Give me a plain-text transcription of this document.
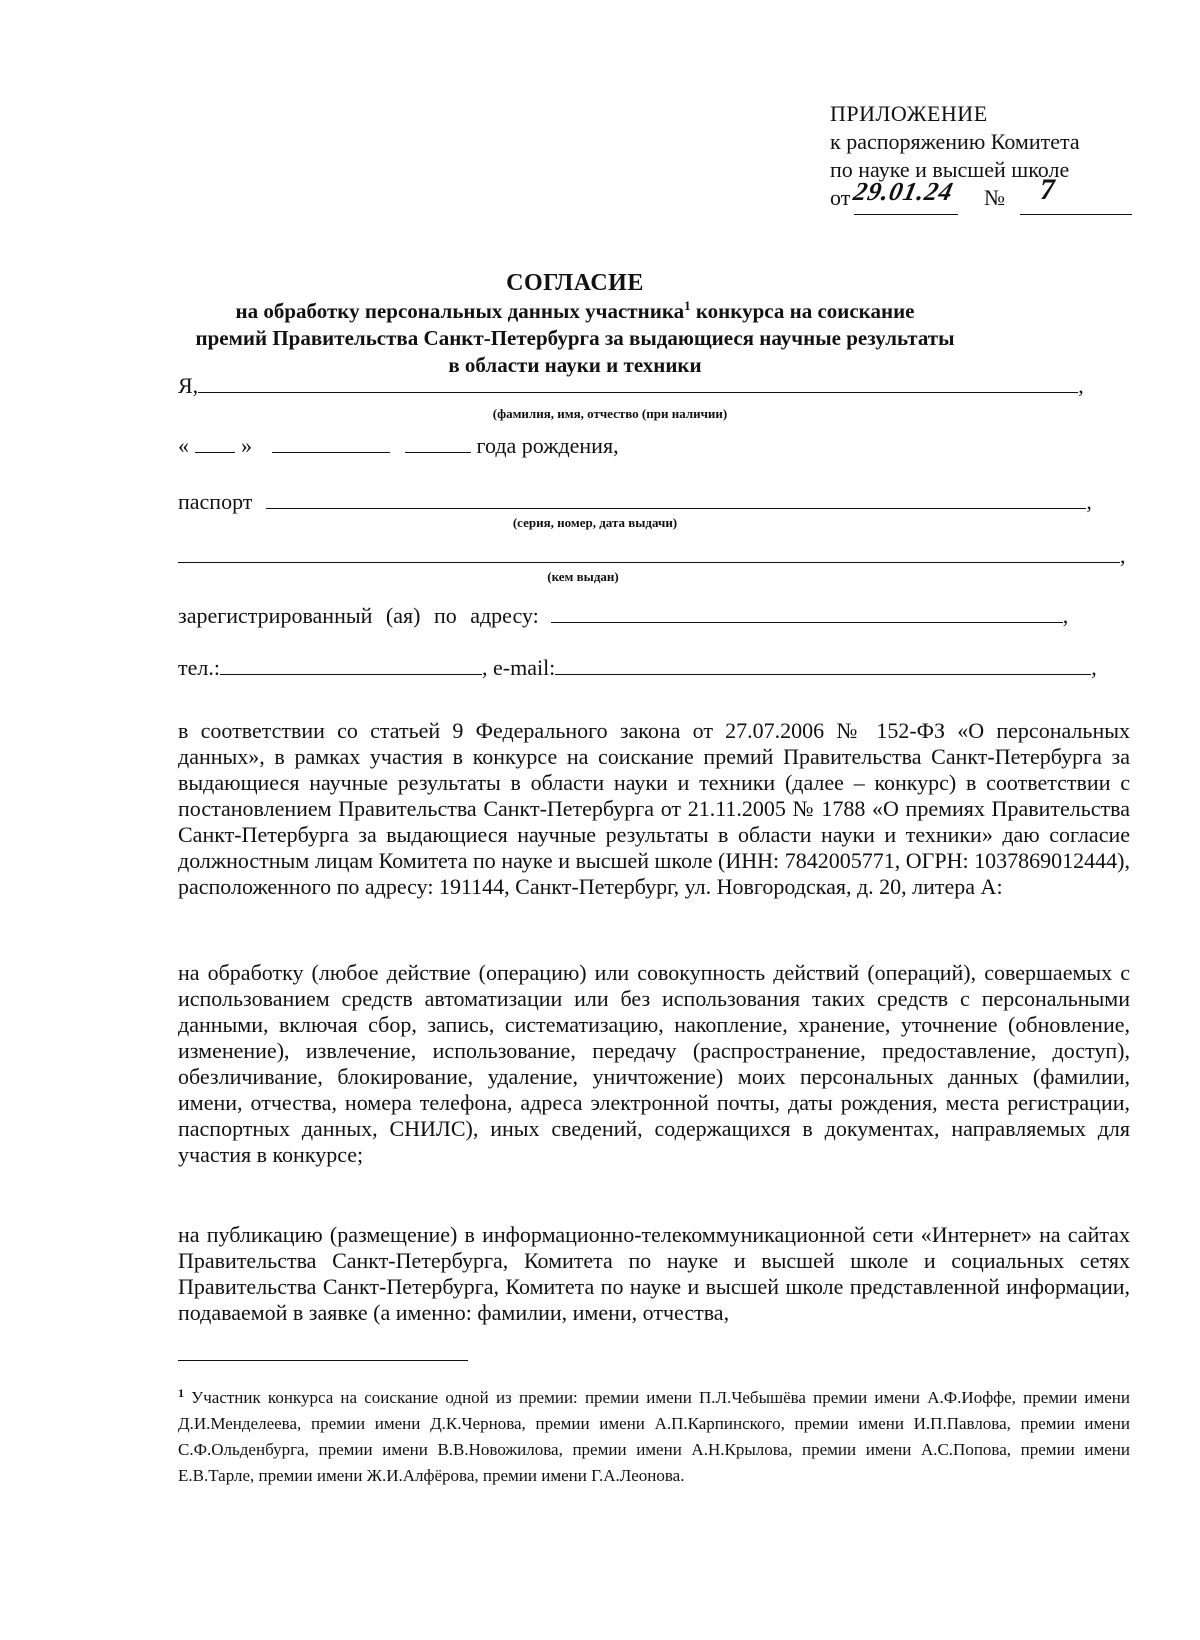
ПРИЛОЖЕНИЕ
к распоряжению Комитета
по науке и высшей школе
от 29.01.24 № 7
СОГЛАСИЕ
на обработку персональных данных участника$^1$ конкурса на соискание
премий Правительства Санкт-Петербурга за выдающиеся научные результаты
в области науки и техники
Я,	,
(фамилия, имя, отчество (при наличии)
« »	года рождения,
паспорт	,
(серия, номер, дата выдачи)
,
(кем выдан)
зарегистрированный (ая) по адресу:	,
тел.:	, e-mail:	,
в соответствии со статьей 9 Федерального закона от 27.07.2006 № 152-ФЗ «О персональных данных», в рамках участия в конкурсе на соискание премий Правительства Санкт-Петербурга за выдающиеся научные результаты в области науки и техники (далее – конкурс) в соответствии с постановлением Правительства Санкт-Петербурга от 21.11.2005 № 1788 «О премиях Правительства Санкт-Петербурга за выдающиеся научные результаты в области науки и техники» даю согласие должностным лицам Комитета по науке и высшей школе (ИНН: 7842005771, ОГРН: 1037869012444), расположенного по адресу: 191144, Санкт-Петербург, ул. Новгородская, д. 20, литера А:
на обработку (любое действие (операцию) или совокупность действий (операций), совершаемых с использованием средств автоматизации или без использования таких средств с персональными данными, включая сбор, запись, систематизацию, накопление, хранение, уточнение (обновление, изменение), извлечение, использование, передачу (распространение, предоставление, доступ), обезличивание, блокирование, удаление, уничтожение) моих персональных данных (фамилии, имени, отчества, номера телефона, адреса электронной почты, даты рождения, места регистрации, паспортных данных, СНИЛС), иных сведений, содержащихся в документах, направляемых для участия в конкурсе;
на публикацию (размещение) в информационно-телекоммуникационной сети «Интернет» на сайтах Правительства Санкт-Петербурга, Комитета по науке и высшей школе и социальных сетях Правительства Санкт-Петербурга, Комитета по науке и высшей школе представленной информации, подаваемой в заявке (а именно: фамилии, имени, отчества,
$^1$ Участник конкурса на соискание одной из премии: премии имени П.Л.Чебышёва премии имени А.Ф.Иоффе, премии имени Д.И.Менделеева, премии имени Д.К.Чернова, премии имени А.П.Карпинского, премии имени И.П.Павлова, премии имени С.Ф.Ольденбурга, премии имени В.В.Новожилова, премии имени А.Н.Крылова, премии имени А.С.Попова, премии имени Е.В.Тарле, премии имени Ж.И.Алфёрова, премии имени Г.А.Леонова.
